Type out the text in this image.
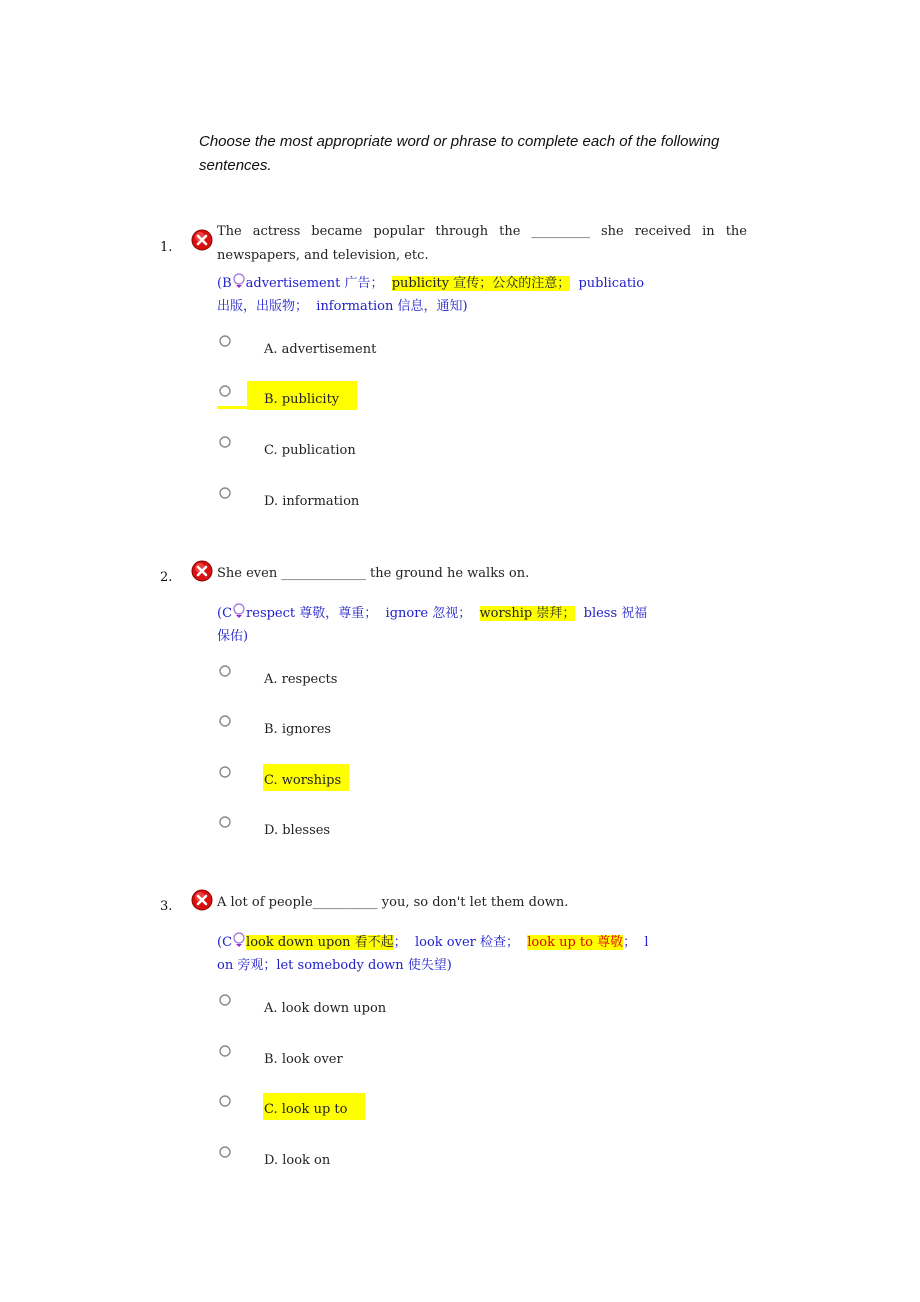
Choose the most appropriate word or phrase to complete each of the following sentences.
1.
The actress became popular through the _________ she received in the newspapers, and television, etc.
(B advertisement 广告； publicity 宣传；公众的注意； publicatio
出版，出版物； information 信息，通知)
A. advertisement
B. publicity
C. publication
D. information
2.	She even _____________ the ground he walks on.
(C respect 尊敬，尊重； ignore 忽视； worship 崇拜； bless 祝福
保佑)
A. respects
B. ignores
C. worships
D. blesses
3.	A lot of people__________ you, so don't let them down.
(C look down upon 看不起； look over 检查； look up to 尊敬； l
on 旁观；let somebody down 使失望)
A. look down upon
B. look over
C. look up to
D. look on
